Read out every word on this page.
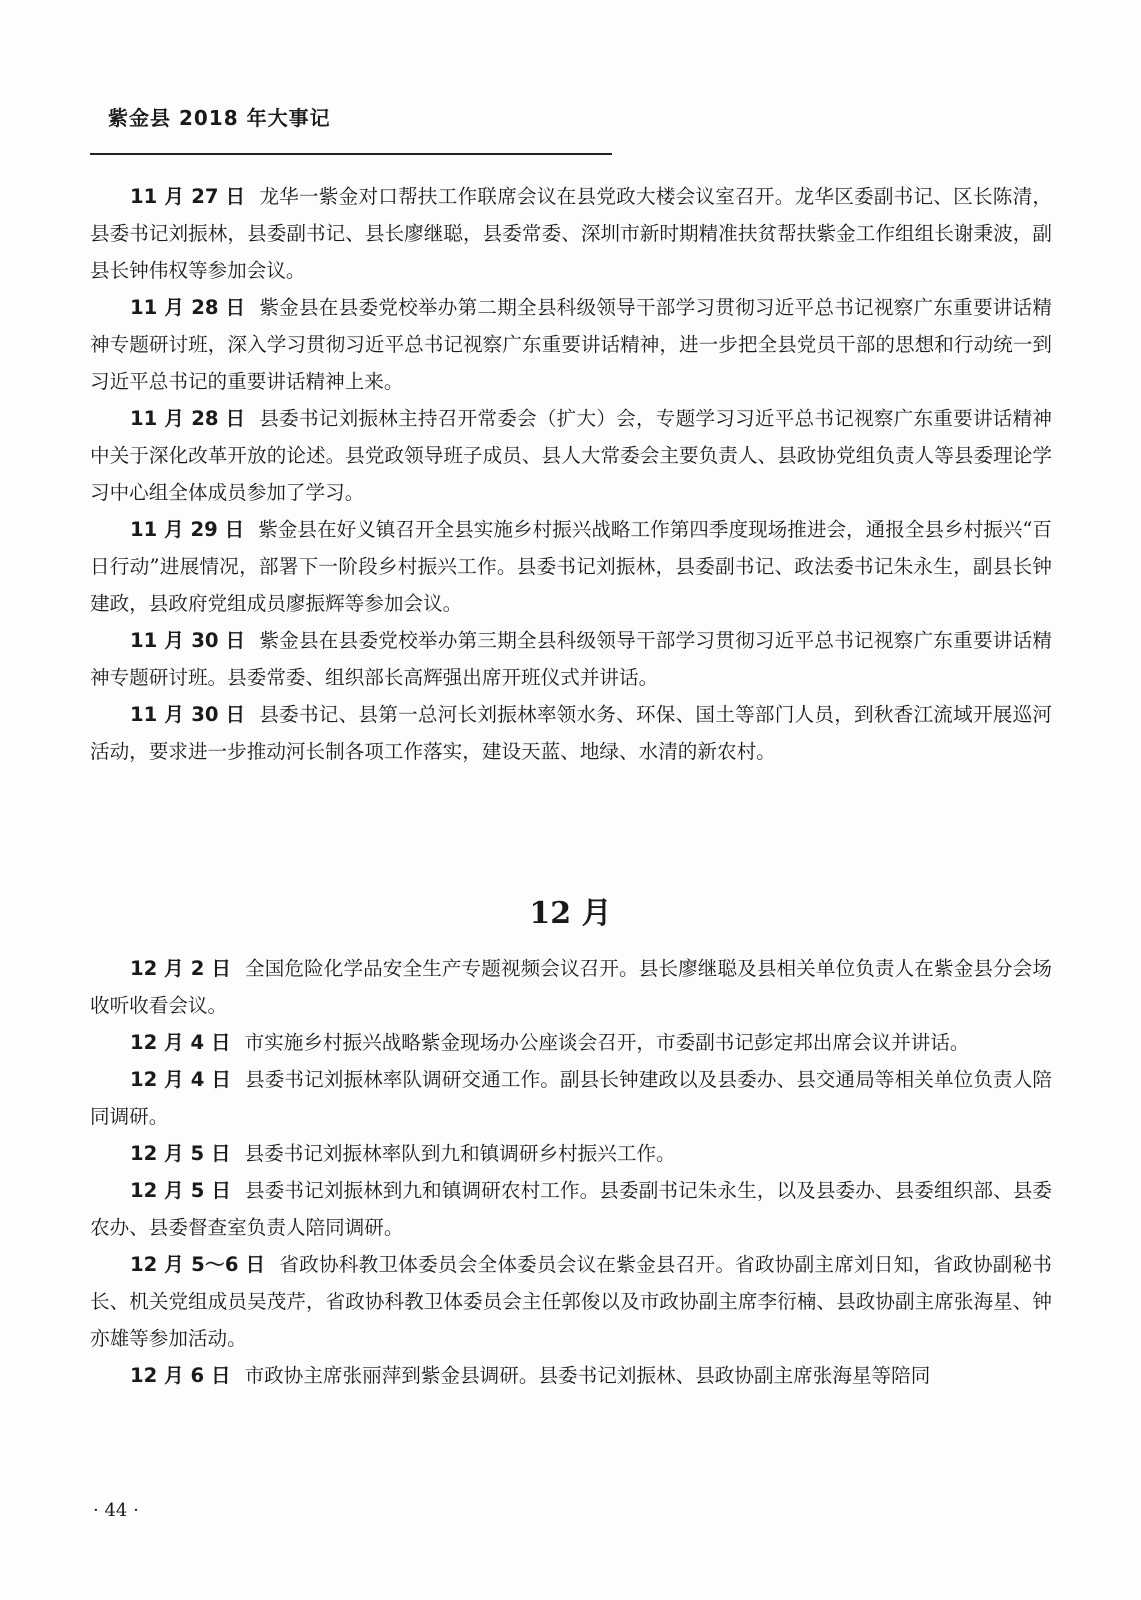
紫金县 2018 年大事记

11 月 27 日 龙华一紫金对口帮扶工作联席会议在县党政大楼会议室召开。龙华区委副书记、区长陈清，县委书记刘振林，县委副书记、县长廖继聪，县委常委、深圳市新时期精准扶贫帮扶紫金工作组组长谢秉波，副县长钟伟权等参加会议。

11 月 28 日 紫金县在县委党校举办第二期全县科级领导干部学习贯彻习近平总书记视察广东重要讲话精神专题研讨班，深入学习贯彻习近平总书记视察广东重要讲话精神，进一步把全县党员干部的思想和行动统一到习近平总书记的重要讲话精神上来。

11 月 28 日 县委书记刘振林主持召开常委会（扩大）会，专题学习习近平总书记视察广东重要讲话精神中关于深化改革开放的论述。县党政领导班子成员、县人大常委会主要负责人、县政协党组负责人等县委理论学习中心组全体成员参加了学习。

11 月 29 日 紫金县在好义镇召开全县实施乡村振兴战略工作第四季度现场推进会，通报全县乡村振兴“百日行动”进展情况，部署下一阶段乡村振兴工作。县委书记刘振林，县委副书记、政法委书记朱永生，副县长钟建政，县政府党组成员廖振辉等参加会议。

11 月 30 日 紫金县在县委党校举办第三期全县科级领导干部学习贯彻习近平总书记视察广东重要讲话精神专题研讨班。县委常委、组织部长高辉强出席开班仪式并讲话。

11 月 30 日 县委书记、县第一总河长刘振林率领水务、环保、国土等部门人员，到秋香江流域开展巡河活动，要求进一步推动河长制各项工作落实，建设天蓝、地绿、水清的新农村。

12 月

12 月 2 日 全国危险化学品安全生产专题视频会议召开。县长廖继聪及县相关单位负责人在紫金县分会场收听收看会议。

12 月 4 日 市实施乡村振兴战略紫金现场办公座谈会召开，市委副书记彭定邦出席会议并讲话。

12 月 4 日 县委书记刘振林率队调研交通工作。副县长钟建政以及县委办、县交通局等相关单位负责人陪同调研。

12 月 5 日 县委书记刘振林率队到九和镇调研乡村振兴工作。

12 月 5 日 县委书记刘振林到九和镇调研农村工作。县委副书记朱永生，以及县委办、县委组织部、县委农办、县委督查室负责人陪同调研。

12 月 5～6 日 省政协科教卫体委员会全体委员会议在紫金县召开。省政协副主席刘日知，省政协副秘书长、机关党组成员吴茂芹，省政协科教卫体委员会主任郭俊以及市政协副主席李衍楠、县政协副主席张海星、钟亦雄等参加活动。

12 月 6 日 市政协主席张丽萍到紫金县调研。县委书记刘振林、县政协副主席张海星等陪同

· 44 ·
